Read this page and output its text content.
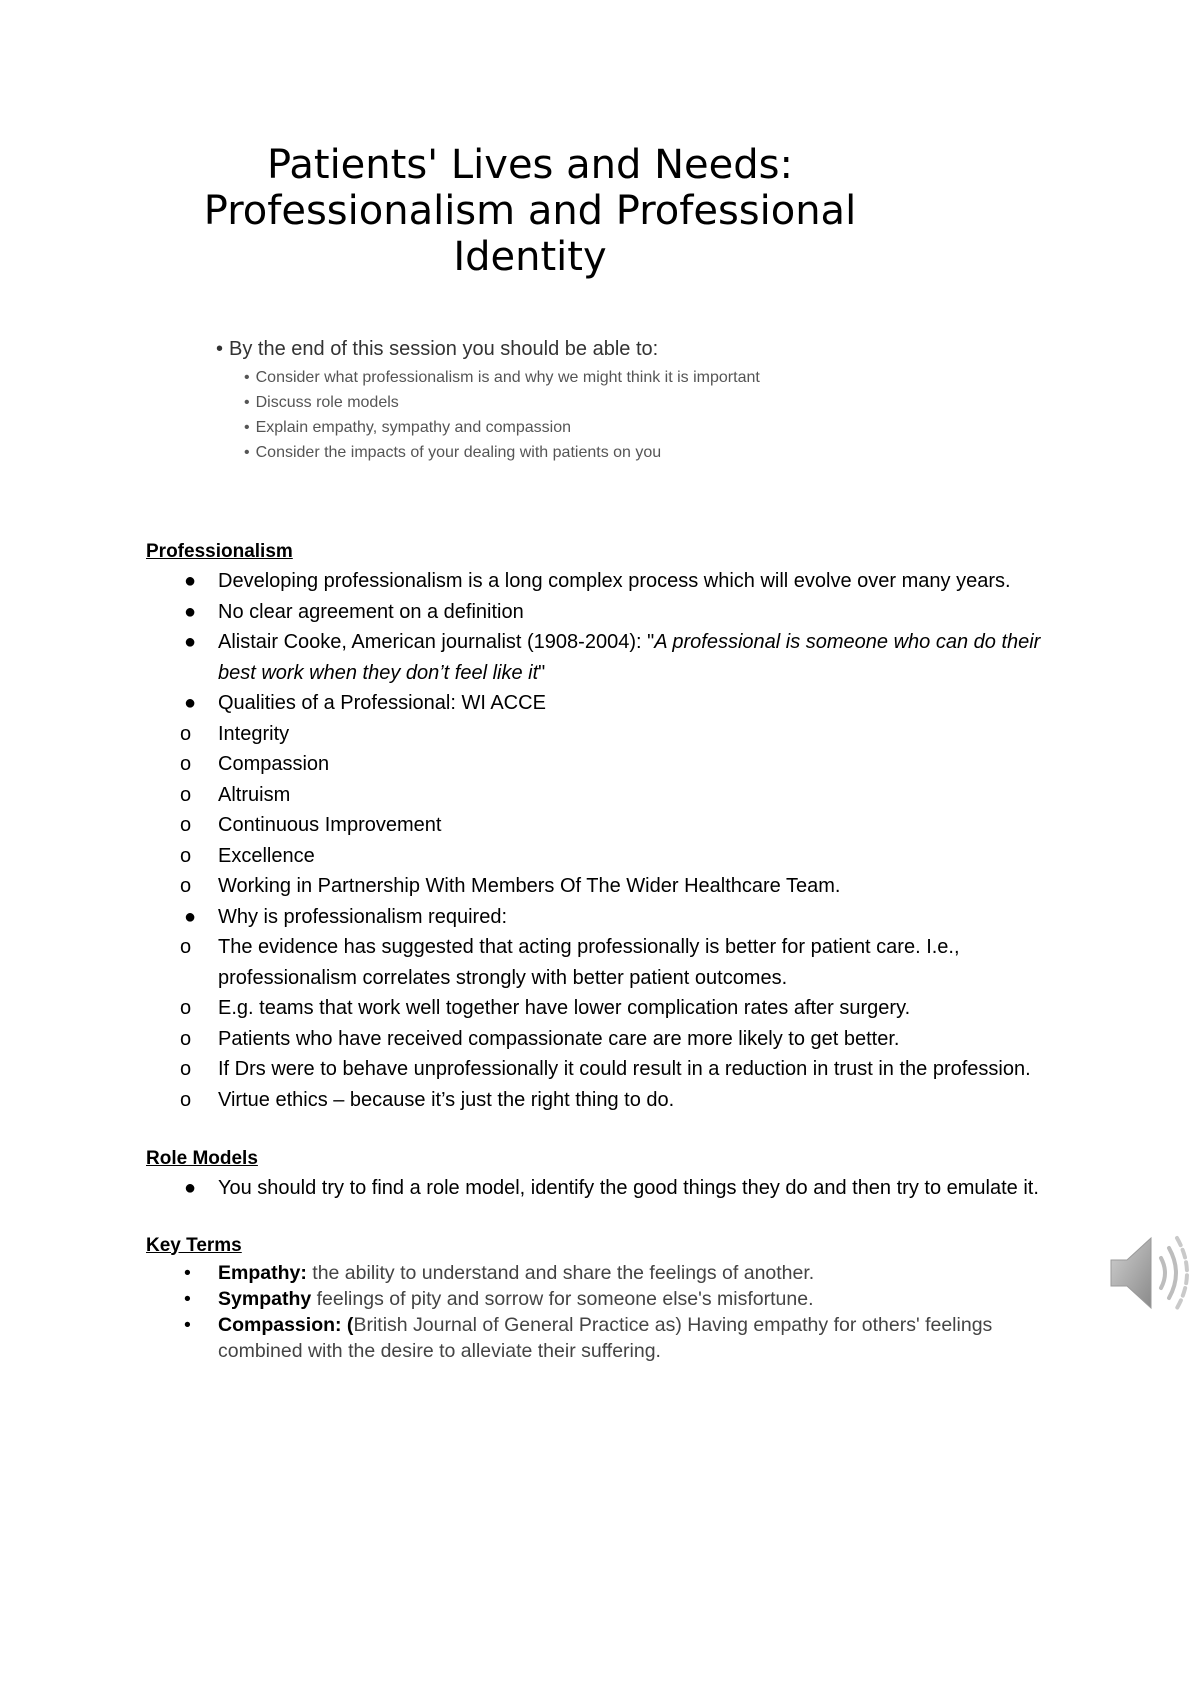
Patients' Lives and Needs:
Professionalism and Professional
Identity
• By the end of this session you should be able to:
• Consider what professionalism is and why we might think it is important
• Discuss role models
• Explain empathy, sympathy and compassion
• Consider the impacts of your dealing with patients on you
Professionalism
● Developing professionalism is a long complex process which will evolve over many years.
● No clear agreement on a definition
● Alistair Cooke, American journalist (1908-2004): "A professional is someone who can do their best work when they don’t feel like it"
● Qualities of a Professional: WI ACCE
o Integrity
o Compassion
o Altruism
o Continuous Improvement
o Excellence
o Working in Partnership With Members Of The Wider Healthcare Team.
● Why is professionalism required:
o The evidence has suggested that acting professionally is better for patient care. I.e., professionalism correlates strongly with better patient outcomes.
o E.g. teams that work well together have lower complication rates after surgery.
o Patients who have received compassionate care are more likely to get better.
o If Drs were to behave unprofessionally it could result in a reduction in trust in the profession.
o Virtue ethics – because it’s just the right thing to do.
Role Models
● You should try to find a role model, identify the good things they do and then try to emulate it.
Key Terms
• Empathy: the ability to understand and share the feelings of another.
• Sympathy feelings of pity and sorrow for someone else's misfortune.
• Compassion: (British Journal of General Practice as) Having empathy for others' feelings combined with the desire to alleviate their suffering.
